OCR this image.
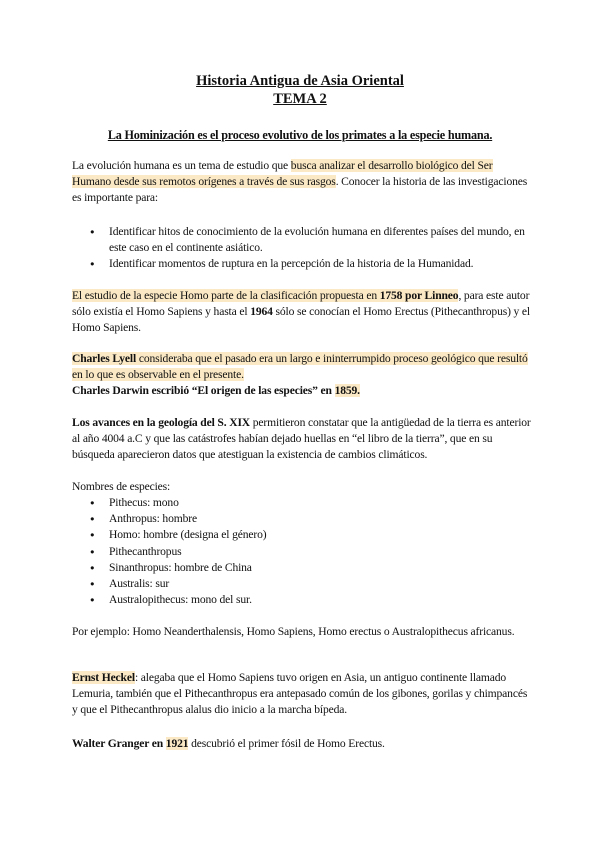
Historia Antigua de Asia Oriental
TEMA 2
La Hominización es el proceso evolutivo de los primates a la especie humana.
La evolución humana es un tema de estudio que busca analizar el desarrollo biológico del Ser Humano desde sus remotos orígenes a través de sus rasgos. Conocer la historia de las investigaciones es importante para:
● Identificar hitos de conocimiento de la evolución humana en diferentes países del mundo, en este caso en el continente asiático.
● Identificar momentos de ruptura en la percepción de la historia de la Humanidad.
El estudio de la especie Homo parte de la clasificación propuesta en 1758 por Linneo, para este autor sólo existía el Homo Sapiens y hasta el 1964 sólo se conocían el Homo Erectus (Pithecanthropus) y el Homo Sapiens.
Charles Lyell consideraba que el pasado era un largo e ininterrumpido proceso geológico que resultó en lo que es observable en el presente.
Charles Darwin escribió “El origen de las especies” en 1859.
Los avances en la geología del S. XIX permitieron constatar que la antigüedad de la tierra es anterior al año 4004 a.C y que las catástrofes habían dejado huellas en “el libro de la tierra”, que en su búsqueda aparecieron datos que atestiguan la existencia de cambios climáticos.
Nombres de especies:
● Pithecus: mono
● Anthropus: hombre
● Homo: hombre (designa el género)
● Pithecanthropus
● Sinanthropus: hombre de China
● Australis: sur
● Australopithecus: mono del sur.
Por ejemplo: Homo Neanderthalensis, Homo Sapiens, Homo erectus o Australopithecus africanus.
Ernst Heckel: alegaba que el Homo Sapiens tuvo origen en Asia, un antiguo continente llamado Lemuria, también que el Pithecanthropus era antepasado común de los gibones, gorilas y chimpancés y que el Pithecanthropus alalus dio inicio a la marcha bípeda.
Walter Granger en 1921 descubrió el primer fósil de Homo Erectus.
